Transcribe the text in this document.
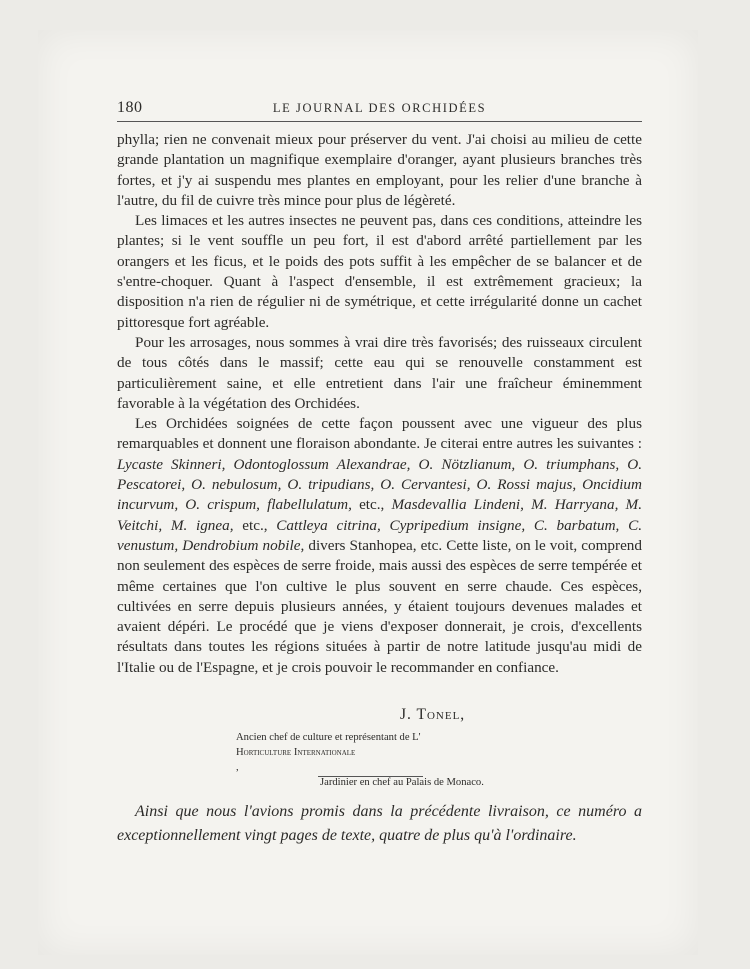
180	LE JOURNAL DES ORCHIDÉES

phylla; rien ne convenait mieux pour préserver du vent. J'ai choisi au milieu de cette grande plantation un magnifique exemplaire d'oranger, ayant plusieurs branches très fortes, et j'y ai suspendu mes plantes en employant, pour les relier d'une branche à l'autre, du fil de cuivre très mince pour plus de légèreté.

Les limaces et les autres insectes ne peuvent pas, dans ces conditions, atteindre les plantes; si le vent souffle un peu fort, il est d'abord arrêté partiellement par les orangers et les ficus, et le poids des pots suffit à les empêcher de se balancer et de s'entre-choquer. Quant à l'aspect d'ensemble, il est extrêmement gracieux; la disposition n'a rien de régulier ni de symétrique, et cette irrégularité donne un cachet pittoresque fort agréable.

Pour les arrosages, nous sommes à vrai dire très favorisés; des ruisseaux circulent de tous côtés dans le massif; cette eau qui se renouvelle constamment est particulièrement saine, et elle entretient dans l'air une fraîcheur éminemment favorable à la végétation des Orchidées.

Les Orchidées soignées de cette façon poussent avec une vigueur des plus remarquables et donnent une floraison abondante. Je citerai entre autres les suivantes : Lycaste Skinneri, Odontoglossum Alexandrae, O. Nötzlianum, O. triumphans, O. Pescatorei, O. nebulosum, O. tripudians, O. Cervantesi, O. Rossi majus, Oncidium incurvum, O. crispum, flabellulatum, etc., Masdevallia Lindeni, M. Harryana, M. Veitchi, M. ignea, etc., Cattleya citrina, Cypripedium insigne, C. barbatum, C. venustum, Dendrobium nobile, divers Stanhopea, etc. Cette liste, on le voit, comprend non seulement des espèces de serre froide, mais aussi des espèces de serre tempérée et même certaines que l'on cultive le plus souvent en serre chaude. Ces espèces, cultivées en serre depuis plusieurs années, y étaient toujours devenues malades et avaient dépéri. Le procédé que je viens d'exposer donnerait, je crois, d'excellents résultats dans toutes les régions situées à partir de notre latitude jusqu'au midi de l'Italie ou de l'Espagne, et je crois pouvoir le recommander en confiance.

J. Tonel,
Ancien chef de culture et représentant de L'
Horticulture Internationale
,
Jardinier en chef au Palais de Monaco.

Ainsi que nous l'avions promis dans la précédente livraison, ce numéro a exceptionnellement vingt pages de texte, quatre de plus qu'à l'ordinaire.
